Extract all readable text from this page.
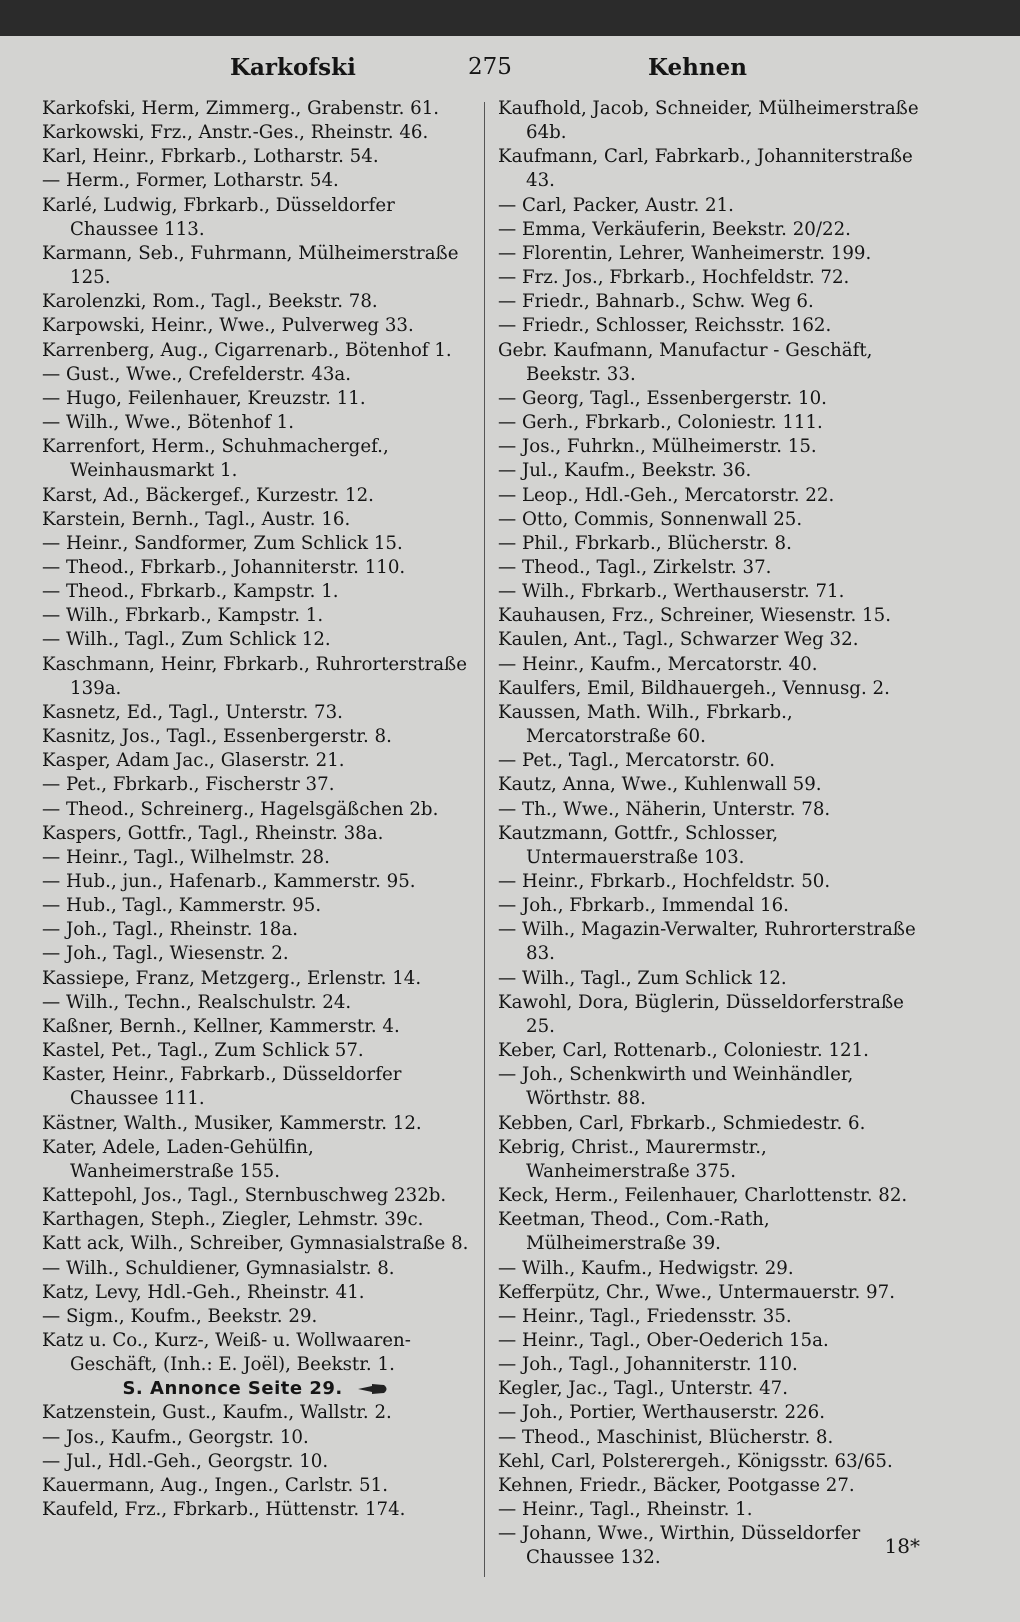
Karkofski	275	Kehnen
Karkofski, Herm, Zimmerg., Grabenstr. 61.
Karkowski, Frz., Anstr.-Ges., Rheinstr. 46.
Karl, Heinr., Fbrkarb., Lotharstr. 54.
— Herm., Former, Lotharstr. 54.
Karlé, Ludwig, Fbrkarb., Düsseldorfer Chaussee 113.
Karmann, Seb., Fuhrmann, Mülheimerstraße 125.
Karolenzki, Rom., Tagl., Beekstr. 78.
Karpowski, Heinr., Wwe., Pulverweg 33.
Karrenberg, Aug., Cigarrenarb., Bötenhof 1.
— Gust., Wwe., Crefelderstr. 43a.
— Hugo, Feilenhauer, Kreuzstr. 11.
— Wilh., Wwe., Bötenhof 1.
Karrenfort, Herm., Schuhmachergef., Weinhausmarkt 1.
Karst, Ad., Bäckergef., Kurzestr. 12.
Karstein, Bernh., Tagl., Austr. 16.
— Heinr., Sandformer, Zum Schlick 15.
— Theod., Fbrkarb., Johanniterstr. 110.
— Theod., Fbrkarb., Kampstr. 1.
— Wilh., Fbrkarb., Kampstr. 1.
— Wilh., Tagl., Zum Schlick 12.
Kaschmann, Heinr, Fbrkarb., Ruhrorterstraße 139a.
Kasnetz, Ed., Tagl., Unterstr. 73.
Kasnitz, Jos., Tagl., Essenbergerstr. 8.
Kasper, Adam Jac., Glaserstr. 21.
— Pet., Fbrkarb., Fischerstr 37.
— Theod., Schreinerg., Hagelsgäßchen 2b.
Kaspers, Gottfr., Tagl., Rheinstr. 38a.
— Heinr., Tagl., Wilhelmstr. 28.
— Hub., jun., Hafenarb., Kammerstr. 95.
— Hub., Tagl., Kammerstr. 95.
— Joh., Tagl., Rheinstr. 18a.
— Joh., Tagl., Wiesenstr. 2.
Kassiepe, Franz, Metzgerg., Erlenstr. 14.
— Wilh., Techn., Realschulstr. 24.
Kaßner, Bernh., Kellner, Kammerstr. 4.
Kastel, Pet., Tagl., Zum Schlick 57.
Kaster, Heinr., Fabrkarb., Düsseldorfer Chaussee 111.
Kästner, Walth., Musiker, Kammerstr. 12.
Kater, Adele, Laden-Gehülfin, Wanheimerstraße 155.
Kattepohl, Jos., Tagl., Sternbuschweg 232b.
Karthagen, Steph., Ziegler, Lehmstr. 39c.
Katt ack, Wilh., Schreiber, Gymnasialstraße 8.
— Wilh., Schuldiener, Gymnasialstr. 8.
Katz, Levy, Hdl.-Geh., Rheinstr. 41.
— Sigm., Koufm., Beekstr. 29.
Katz u. Co., Kurz-, Weiß- u. Wollwaaren-Geschäft, (Inh.: E. Joël), Beekstr. 1.
S. Annonce Seite 29.
Katzenstein, Gust., Kaufm., Wallstr. 2.
— Jos., Kaufm., Georgstr. 10.
— Jul., Hdl.-Geh., Georgstr. 10.
Kauermann, Aug., Ingen., Carlstr. 51.
Kaufeld, Frz., Fbrkarb., Hüttenstr. 174.
Kaufhold, Jacob, Schneider, Mülheimerstraße 64b.
Kaufmann, Carl, Fabrkarb., Johanniterstraße 43.
— Carl, Packer, Austr. 21.
— Emma, Verkäuferin, Beekstr. 20/22.
— Florentin, Lehrer, Wanheimerstr. 199.
— Frz. Jos., Fbrkarb., Hochfeldstr. 72.
— Friedr., Bahnarb., Schw. Weg 6.
— Friedr., Schlosser, Reichsstr. 162.
Gebr. Kaufmann, Manufactur - Geschäft, Beekstr. 33.
— Georg, Tagl., Essenbergerstr. 10.
— Gerh., Fbrkarb., Coloniestr. 111.
— Jos., Fuhrkn., Mülheimerstr. 15.
— Jul., Kaufm., Beekstr. 36.
— Leop., Hdl.-Geh., Mercatorstr. 22.
— Otto, Commis, Sonnenwall 25.
— Phil., Fbrkarb., Blücherstr. 8.
— Theod., Tagl., Zirkelstr. 37.
— Wilh., Fbrkarb., Werthauserstr. 71.
Kauhausen, Frz., Schreiner, Wiesenstr. 15.
Kaulen, Ant., Tagl., Schwarzer Weg 32.
— Heinr., Kaufm., Mercatorstr. 40.
Kaulfers, Emil, Bildhauergeh., Vennusg. 2.
Kaussen, Math. Wilh., Fbrkarb., Mercatorstraße 60.
— Pet., Tagl., Mercatorstr. 60.
Kautz, Anna, Wwe., Kuhlenwall 59.
— Th., Wwe., Näherin, Unterstr. 78.
Kautzmann, Gottfr., Schlosser, Untermauerstraße 103.
— Heinr., Fbrkarb., Hochfeldstr. 50.
— Joh., Fbrkarb., Immendal 16.
— Wilh., Magazin-Verwalter, Ruhrorterstraße 83.
— Wilh., Tagl., Zum Schlick 12.
Kawohl, Dora, Büglerin, Düsseldorferstraße 25.
Keber, Carl, Rottenarb., Coloniestr. 121.
— Joh., Schenkwirth und Weinhändler, Wörthstr. 88.
Kebben, Carl, Fbrkarb., Schmiedestr. 6.
Kebrig, Christ., Maurermstr., Wanheimerstraße 375.
Keck, Herm., Feilenhauer, Charlottenstr. 82.
Keetman, Theod., Com.-Rath, Mülheimerstraße 39.
— Wilh., Kaufm., Hedwigstr. 29.
Kefferpütz, Chr., Wwe., Untermauerstr. 97.
— Heinr., Tagl., Friedensstr. 35.
— Heinr., Tagl., Ober-Oederich 15a.
— Joh., Tagl., Johanniterstr. 110.
Kegler, Jac., Tagl., Unterstr. 47.
— Joh., Portier, Werthauserstr. 226.
— Theod., Maschinist, Blücherstr. 8.
Kehl, Carl, Polsterergeh., Königsstr. 63/65.
Kehnen, Friedr., Bäcker, Pootgasse 27.
— Heinr., Tagl., Rheinstr. 1.
— Johann, Wwe., Wirthin, Düsseldorfer Chaussee 132.	18*
